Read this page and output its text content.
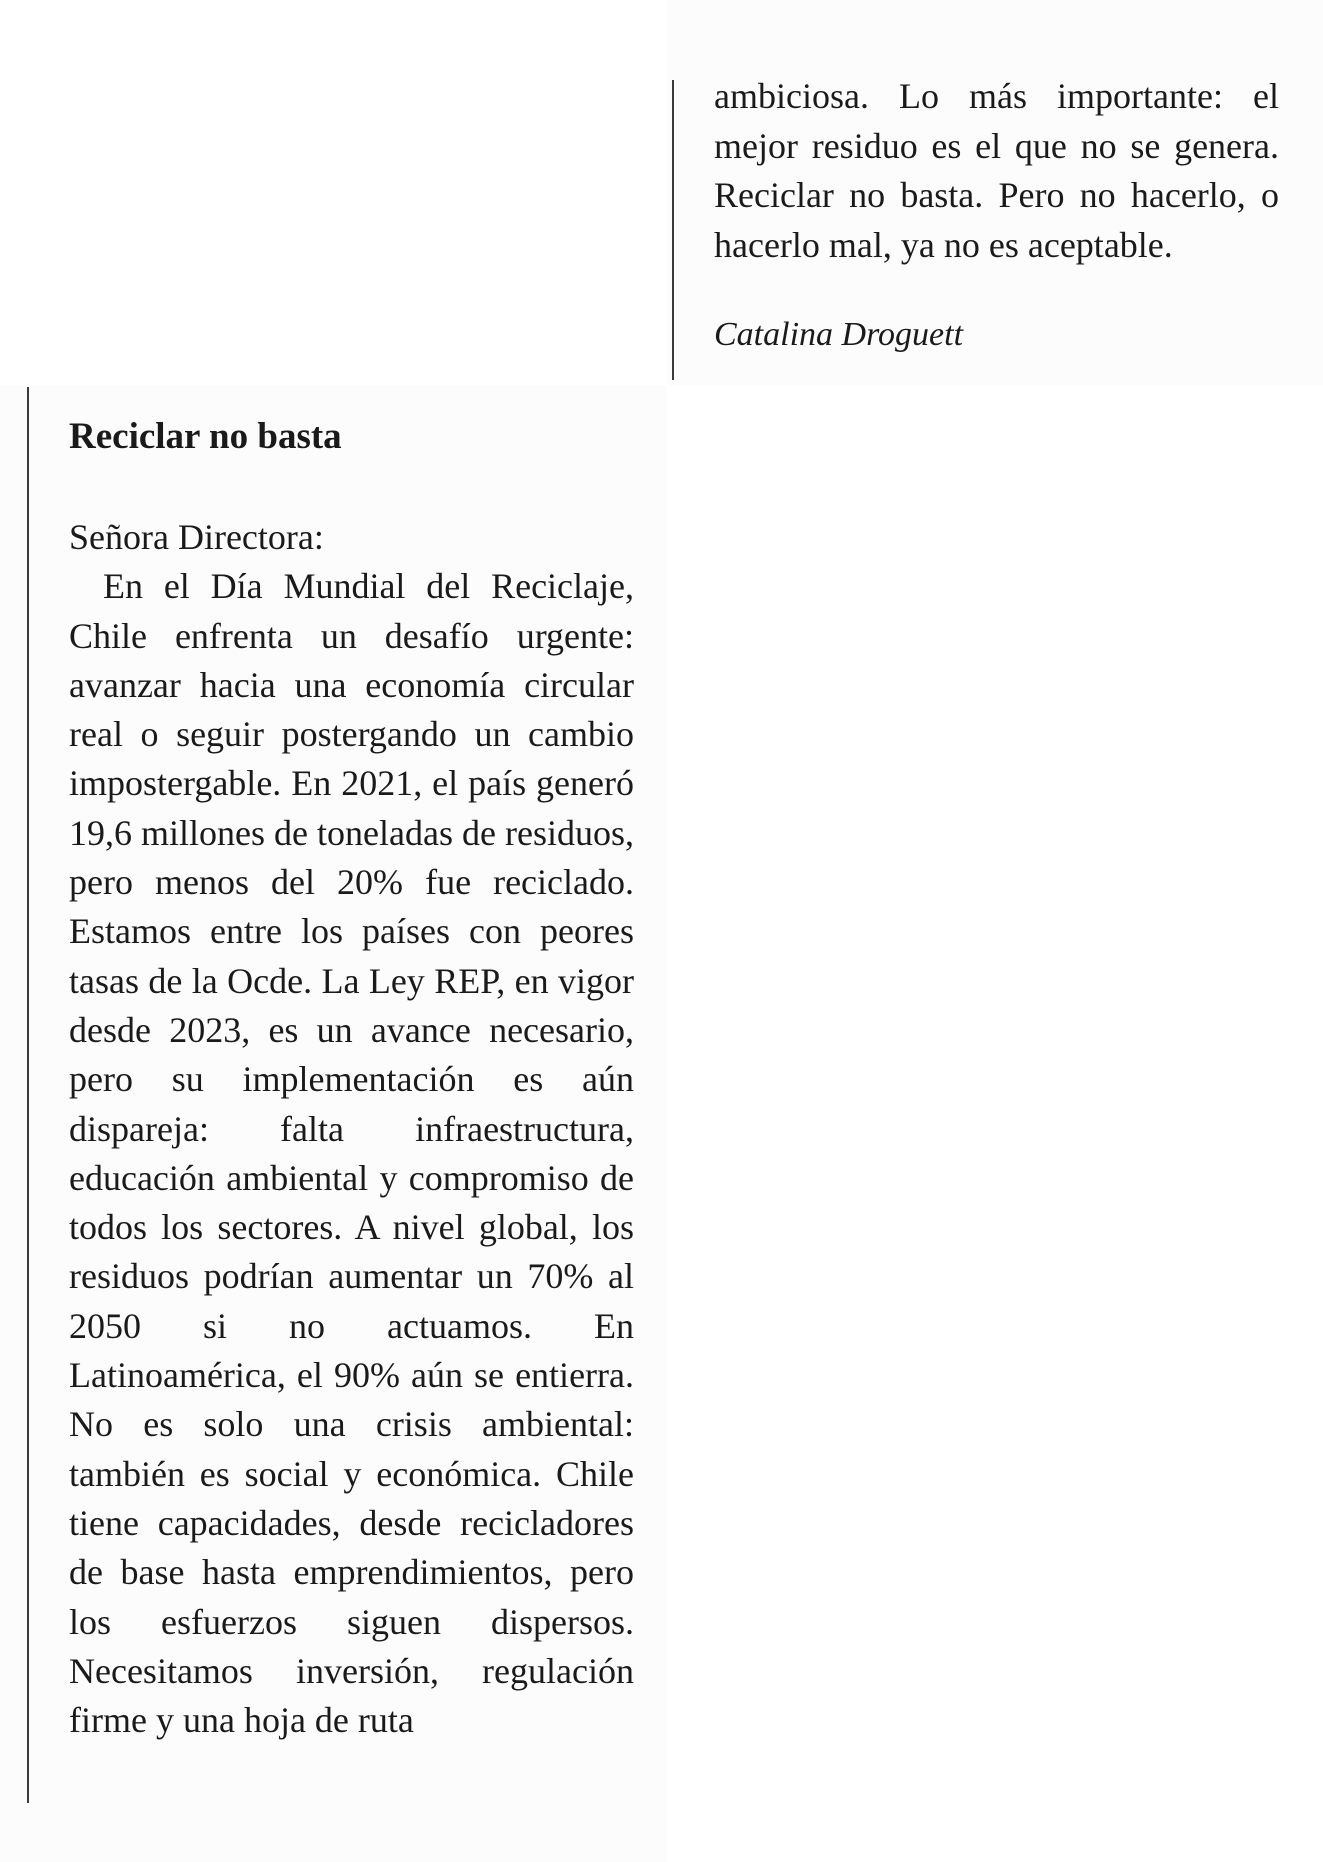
ambiciosa. Lo más importante: el mejor residuo es el que no se genera. Reciclar no basta. Pero no hacerlo, o hacerlo mal, ya no es aceptable.

Catalina Droguett

Reciclar no basta

Señora Directora:

En el Día Mundial del Reciclaje, Chile enfrenta un desafío urgente: avanzar hacia una economía circular real o seguir postergando un cambio impostergable. En 2021, el país generó 19,6 millones de toneladas de residuos, pero menos del 20% fue reciclado. Estamos entre los países con peores tasas de la Ocde. La Ley REP, en vigor desde 2023, es un avance necesario, pero su implementación es aún dispareja: falta infraestructura, educación ambiental y compromiso de todos los sectores. A nivel global, los residuos podrían aumentar un 70% al 2050 si no actuamos. En Latinoamérica, el 90% aún se entierra. No es solo una crisis ambiental: también es social y económica. Chile tiene capacidades, desde recicladores de base hasta emprendimientos, pero los esfuerzos siguen dispersos. Necesitamos inversión, regulación firme y una hoja de ruta
